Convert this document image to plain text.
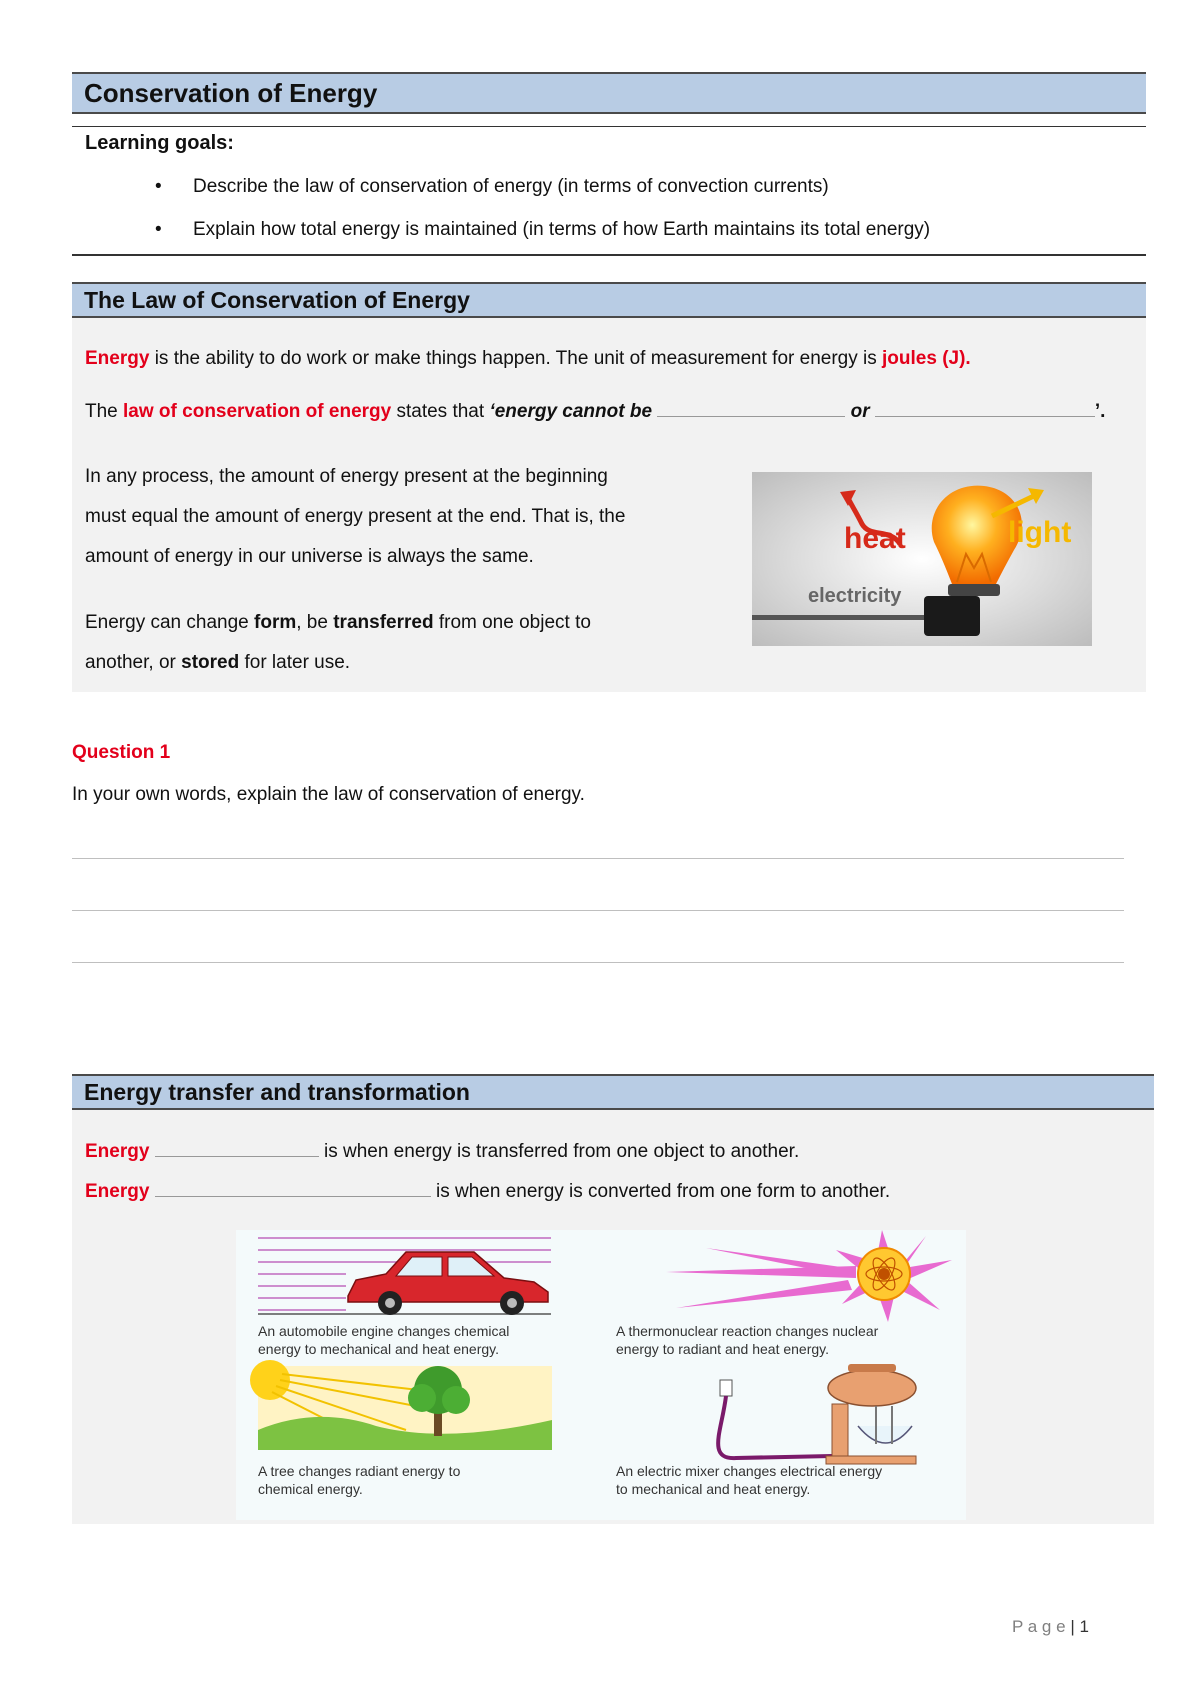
Conservation of Energy
Learning goals:
• Describe the law of conservation of energy (in terms of convection currents)
• Explain how total energy is maintained (in terms of how Earth maintains its total energy)
The Law of Conservation of Energy
Energy is the ability to do work or make things happen. The unit of measurement for energy is joules (J).
The law of conservation of energy states that ‘energy cannot be	or	’.
In any process, the amount of energy present at the beginning
must equal the amount of energy present at the end. That is, the
amount of energy in our universe is always the same.
Energy can change form, be transferred from one object to
another, or stored for later use.
heat	light
electricity
Question 1
In your own words, explain the law of conservation of energy.
Energy transfer and transformation
Energy	is when energy is transferred from one object to another.
Energy	is when energy is converted from one form to another.
An automobile engine changes chemical
energy to mechanical and heat energy.
A thermonuclear reaction changes nuclear
energy to radiant and heat energy.
A tree changes radiant energy to
chemical energy.
An electric mixer changes electrical energy
to mechanical and heat energy.
P a g e | 1
